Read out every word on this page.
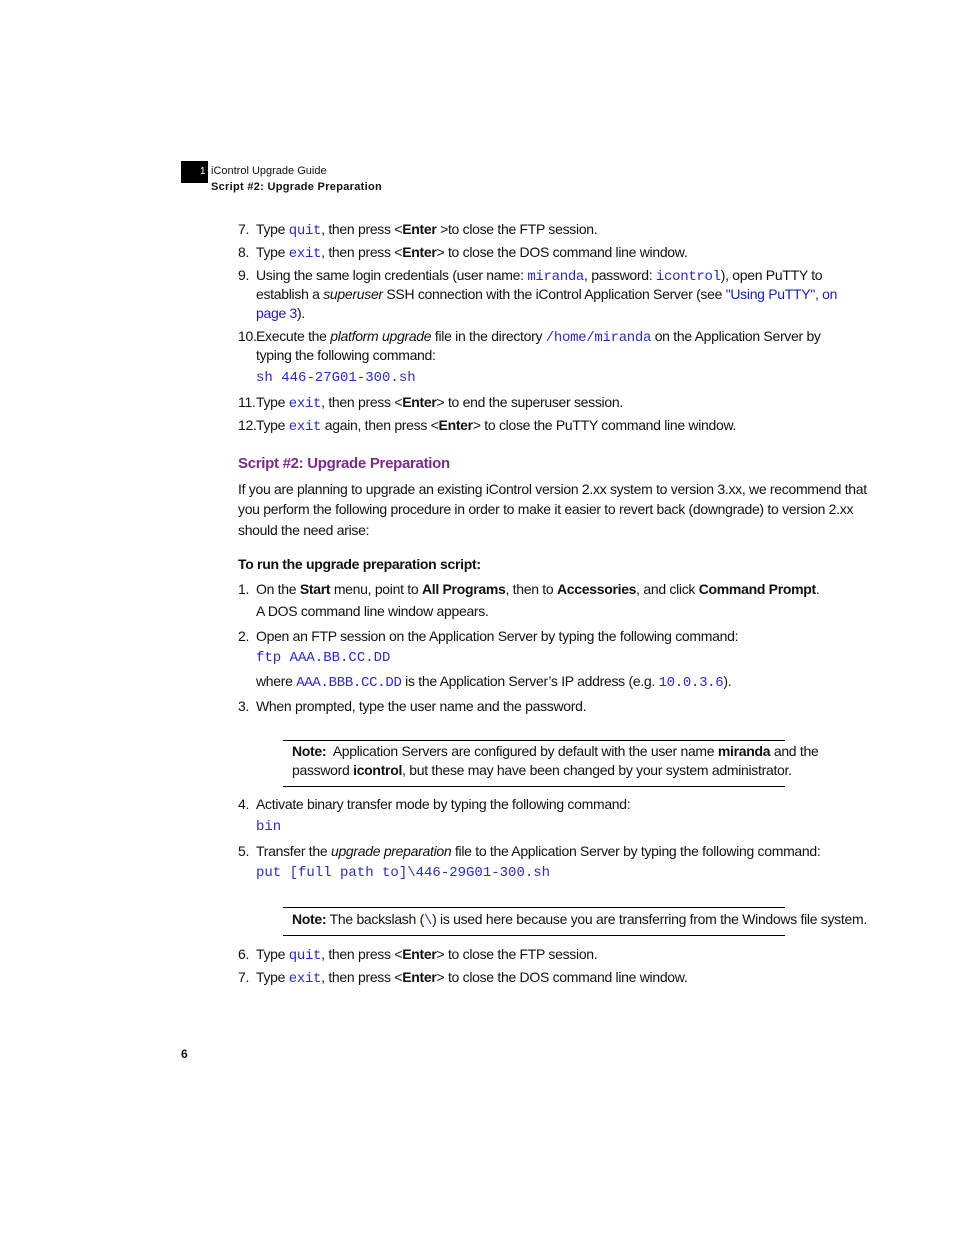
1 iControl Upgrade Guide
Script #2: Upgrade Preparation
7. Type quit, then press <Enter >to close the FTP session.
8. Type exit, then press <Enter> to close the DOS command line window.
9. Using the same login credentials (user name: miranda, password: icontrol), open PuTTY to
establish a superuser SSH connection with the iControl Application Server (see "Using PuTTY", on
page 3).
10. Execute the platform upgrade file in the directory /home/miranda on the Application Server by
typing the following command:
sh 446-27G01-300.sh
11. Type exit, then press <Enter> to end the superuser session.
12. Type exit again, then press <Enter> to close the PuTTY command line window.
Script #2: Upgrade Preparation
If you are planning to upgrade an existing iControl version 2.xx system to version 3.xx, we recommend that
you perform the following procedure in order to make it easier to revert back (downgrade) to version 2.xx
should the need arise:
To run the upgrade preparation script:
1. On the Start menu, point to All Programs, then to Accessories, and click Command Prompt.
A DOS command line window appears.
2. Open an FTP session on the Application Server by typing the following command:
ftp AAA.BB.CC.DD
where AAA.BBB.CC.DD is the Application Server’s IP address (e.g. 10.0.3.6).
3. When prompted, type the user name and the password.
Note: Application Servers are configured by default with the user name miranda and the
password icontrol, but these may have been changed by your system administrator.
4. Activate binary transfer mode by typing the following command:
bin
5. Transfer the upgrade preparation file to the Application Server by typing the following command:
put [full path to]\446-29G01-300.sh
Note: The backslash (\) is used here because you are transferring from the Windows file system.
6. Type quit, then press <Enter> to close the FTP session.
7. Type exit, then press <Enter> to close the DOS command line window.
6
